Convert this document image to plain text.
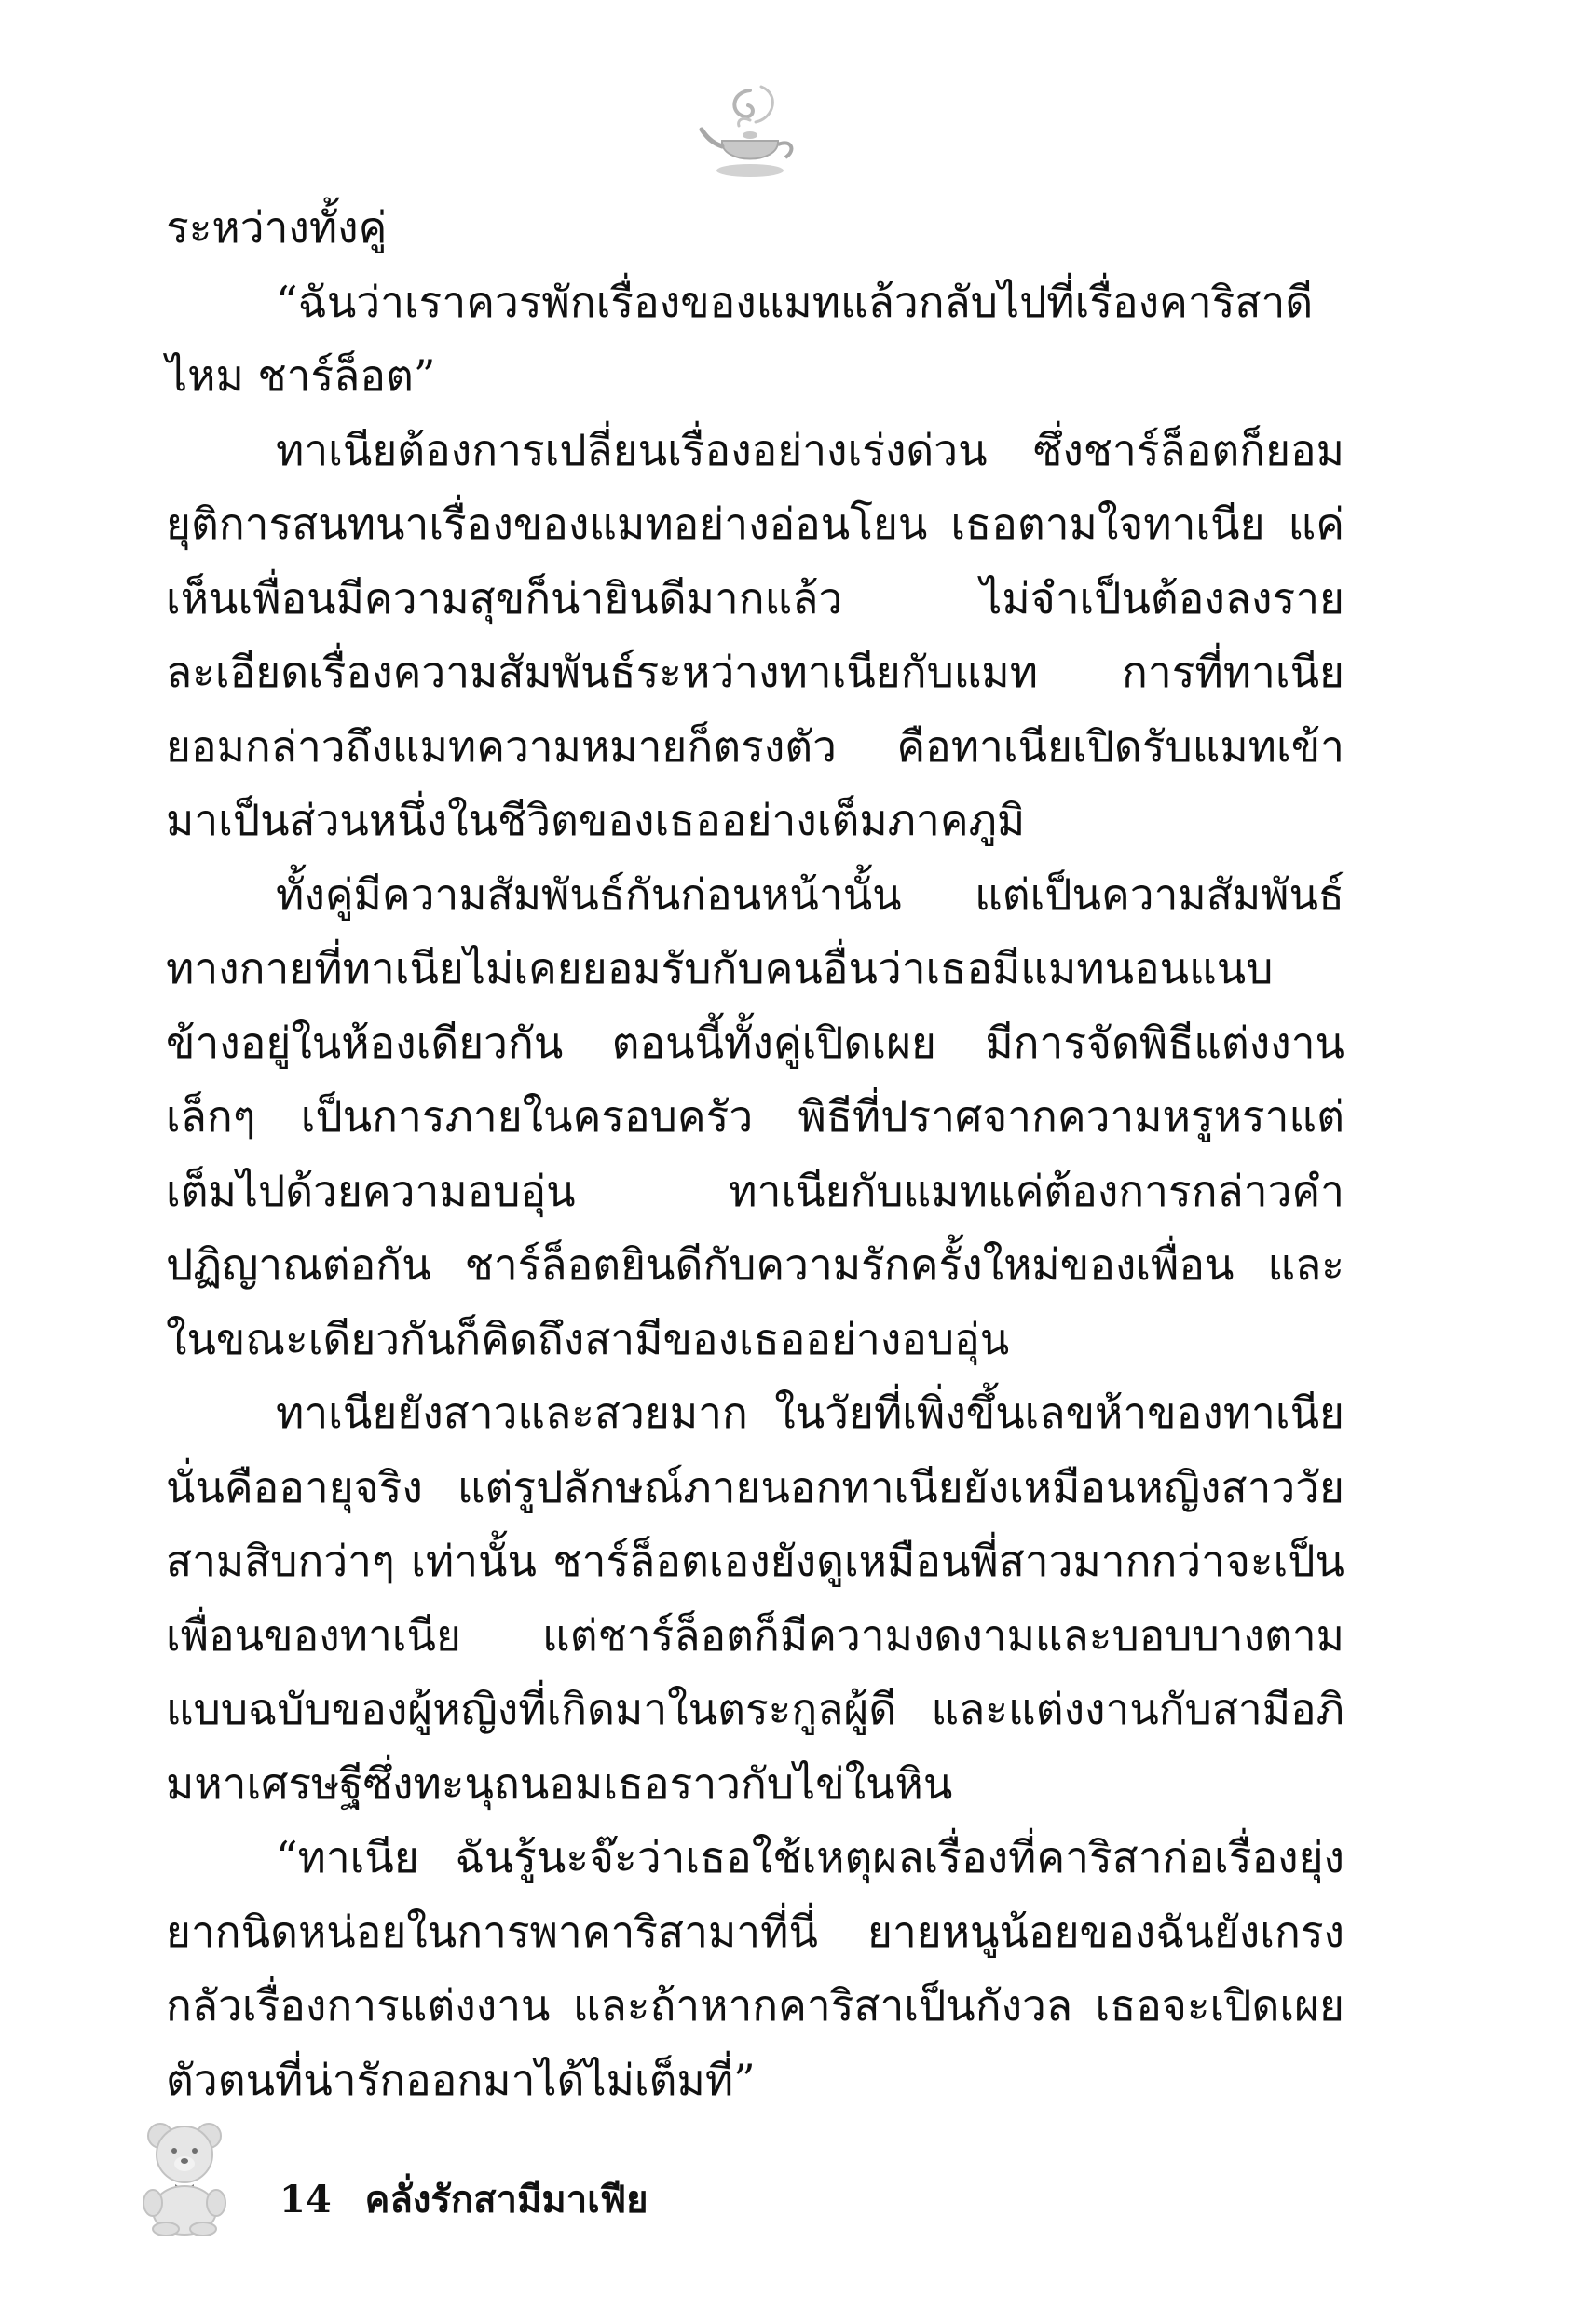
ระหว่างทั้งคู่

“ฉันว่าเราควรพักเรื่องของแมทแล้วกลับไปที่เรื่องคาริสาดีไหม ชาร์ล็อต”

ทาเนียต้องการเปลี่ยนเรื่องอย่างเร่งด่วน ซึ่งชาร์ล็อตก็ยอมยุติการสนทนาเรื่องของแมทอย่างอ่อนโยน เธอตามใจทาเนีย แค่เห็นเพื่อนมีความสุขก็น่ายินดีมากแล้ว ไม่จำเป็นต้องลงรายละเอียดเรื่องความสัมพันธ์ระหว่างทาเนียกับแมท การที่ทาเนียยอมกล่าวถึงแมทความหมายก็ตรงตัว คือทาเนียเปิดรับแมทเข้ามาเป็นส่วนหนึ่งในชีวิตของเธออย่างเต็มภาคภูมิ

ทั้งคู่มีความสัมพันธ์กันก่อนหน้านั้น แต่เป็นความสัมพันธ์ทางกายที่ทาเนียไม่เคยยอมรับกับคนอื่นว่าเธอมีแมทนอนแนบข้างอยู่ในห้องเดียวกัน ตอนนี้ทั้งคู่เปิดเผย มีการจัดพิธีแต่งงานเล็กๆ เป็นการภายในครอบครัว พิธีที่ปราศจากความหรูหราแต่เต็มไปด้วยความอบอุ่น ทาเนียกับแมทแค่ต้องการกล่าวคำปฏิญาณต่อกัน ชาร์ล็อตยินดีกับความรักครั้งใหม่ของเพื่อน และในขณะเดียวกันก็คิดถึงสามีของเธออย่างอบอุ่น

ทาเนียยังสาวและสวยมาก ในวัยที่เพิ่งขึ้นเลขห้าของทาเนียนั่นคืออายุจริง แต่รูปลักษณ์ภายนอกทาเนียยังเหมือนหญิงสาววัยสามสิบกว่าๆ เท่านั้น ชาร์ล็อตเองยังดูเหมือนพี่สาวมากกว่าจะเป็นเพื่อนของทาเนีย แต่ชาร์ล็อตก็มีความงดงามและบอบบางตามแบบฉบับของผู้หญิงที่เกิดมาในตระกูลผู้ดี และแต่งงานกับสามีอภิมหาเศรษฐีซึ่งทะนุถนอมเธอราวกับไข่ในหิน

“ทาเนีย ฉันรู้นะจ๊ะว่าเธอใช้เหตุผลเรื่องที่คาริสาก่อเรื่องยุ่งยากนิดหน่อยในการพาคาริสามาที่นี่ ยายหนูน้อยของฉันยังเกรงกลัวเรื่องการแต่งงาน และถ้าหากคาริสาเป็นกังวล เธอจะเปิดเผยตัวตนที่น่ารักออกมาได้ไม่เต็มที่”

14 คลั่งรักสามีมาเฟีย
